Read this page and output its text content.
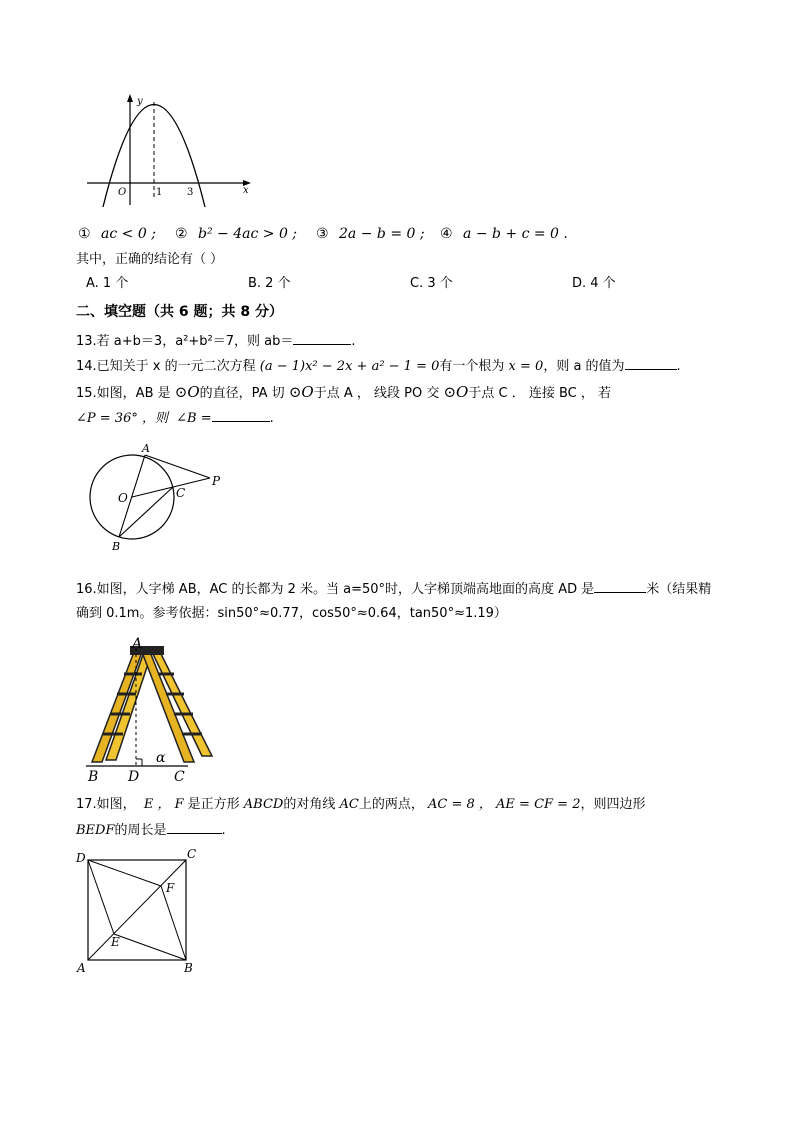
y
x
O	1 3
① ac < 0 ; ② b² − 4ac > 0 ; ③ 2a − b = 0 ; ④ a − b + c = 0 .
其中，正确的结论有（ ）
A. 1 个	B. 2 个	C. 3 个	D. 4 个
二、填空题（共 6 题；共 8 分）
13.若 a+b＝3，a²+b²＝7，则 ab＝	.
14.已知关于 x 的一元二次方程 (a − 1)x² − 2x + a² − 1 = 0有一个根为 x = 0，则 a 的值为	.
15.如图，AB 是 ⊙O的直径，PA 切 ⊙O于点 A ， 线段 PO 交 ⊙O于点 C ． 连接 BC ， 若
∠P = 36° ，则 ∠B =	.
A
O	C
P
B
16.如图，人字梯 AB，AC 的长都为 2 米。当 a=50°时，人字梯顶端高地面的高度 AD 是	米（结果精
确到 0.1m。参考依据：sin50°≈0.77，cos50°≈0.64，tan50°≈1.19）
A
B D C
α
17.如图， E ， F 是正方形 ABCD的对角线 AC上的两点， AC = 8 ， AE = CF = 2，则四边形
BEDF的周长是	.
D	C
F
E
A	B
